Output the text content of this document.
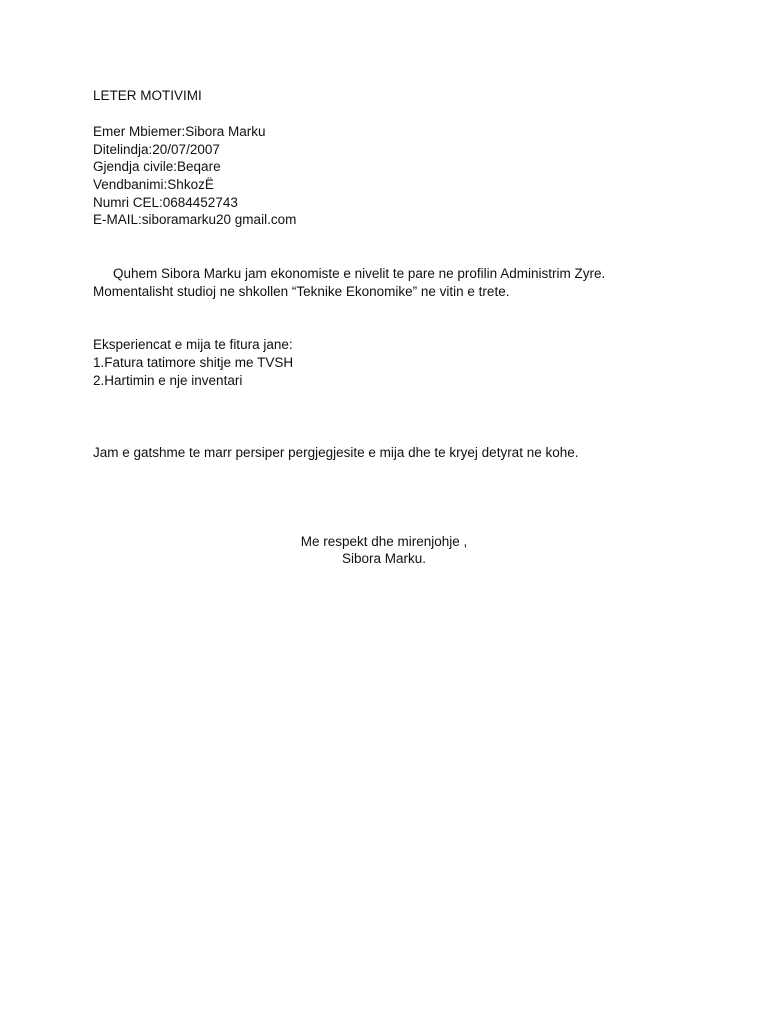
LETER MOTIVIMI
Emer Mbiemer:Sibora Marku
Ditelindja:20/07/2007
Gjendja civile:Beqare
Vendbanimi:ShkozË
Numri CEL:0684452743
E-MAIL:siboramarku20 gmail.com
Quhem Sibora Marku jam ekonomiste e nivelit te pare ne profilin Administrim Zyre.
Momentalisht studioj ne shkollen “Teknike Ekonomike” ne vitin e trete.
Eksperiencat e mija te fitura jane:
1.Fatura tatimore shitje me TVSH
2.Hartimin e nje inventari
Jam e gatshme te marr persiper pergjegjesite e mija dhe te kryej detyrat ne kohe.
Me respekt dhe mirenjohje ,
Sibora Marku.
